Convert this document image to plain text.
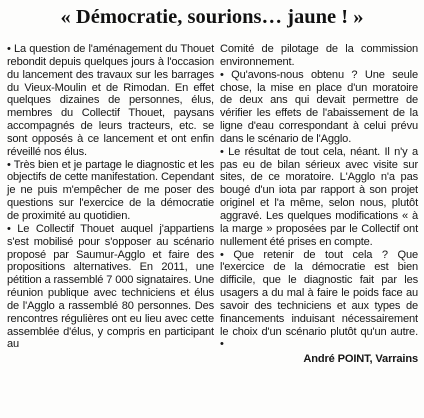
« Démocratie, sourions… jaune ! »

• La question de l'aménagement du Thouet rebondit depuis quelques jours à l'occasion du lancement des travaux sur les barrages du Vieux-Moulin et de Rimodan. En effet quelques dizaines de personnes, élus, membres du Collectif Thouet, paysans accompagnés de leurs tracteurs, etc. se sont opposés à ce lancement et ont enfin réveillé nos élus.

• Très bien et je partage le diagnostic et les objectifs de cette manifestation. Cependant je ne puis m'empêcher de me poser des questions sur l'exercice de la démocratie de proximité au quotidien.

• Le Collectif Thouet auquel j'appartiens s'est mobilisé pour s'opposer au scénario proposé par Saumur-Agglo et faire des propositions alternatives. En 2011, une pétition a rassemblé 7 000 signataires. Une réunion publique avec techniciens et élus de l'Agglo a rassemblé 80 personnes. Des rencontres régulières ont eu lieu avec cette assemblée d'élus, y compris en participant au

Comité de pilotage de la commission environnement.

• Qu'avons-nous obtenu ? Une seule chose, la mise en place d'un moratoire de deux ans qui devait permettre de vérifier les effets de l'abaissement de la ligne d'eau correspondant à celui prévu dans le scénario de l'Agglo.

• Le résultat de tout cela, néant. Il n'y a pas eu de bilan sérieux avec visite sur sites, de ce moratoire. L'Agglo n'a pas bougé d'un iota par rapport à son projet originel et l'a même, selon nous, plutôt aggravé. Les quelques modifications « à la marge » proposées par le Collectif ont nullement été prises en compte.

• Que retenir de tout cela ? Que l'exercice de la démocratie est bien difficile, que le diagnostic fait par les usagers a du mal à faire le poids face au savoir des techniciens et aux types de financements induisant nécessairement le choix d'un scénario plutôt qu'un autre. •

André POINT, Varrains
